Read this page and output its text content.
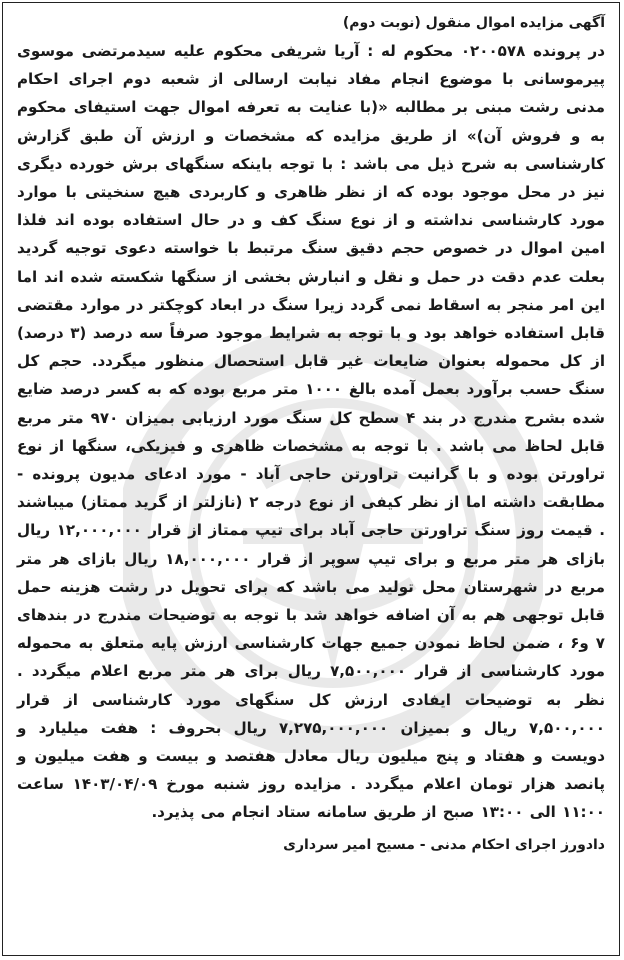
آگهی مزایده اموال منقول (نوبت دوم)

در پرونده ۰۲۰۰۵۷۸ محکوم له : آریا شریفی محکوم علیه سیدمرتضی موسوی پیرموسانی با موضوع انجام مفاد نیابت ارسالی از شعبه دوم اجرای احکام مدنی رشت مبنی بر مطالبه «(با عنایت به تعرفه اموال جهت استیفای محکوم به و فروش آن)» از طریق مزایده که مشخصات و ارزش آن طبق گزارش کارشناسی به شرح ذیل می باشد : با توجه باینکه سنگهای برش خورده دیگری نیز در محل موجود بوده که از نظر ظاهری و کاربردی هیچ سنخیتی با موارد مورد کارشناسی نداشته و از نوع سنگ کف و در حال استفاده بوده اند فلذا امین اموال در خصوص حجم دقیق سنگ مرتبط با خواسته دعوی توجیه گردید بعلت عدم دقت در حمل و نقل و انبارش بخشی از سنگها شکسته شده اند اما این امر منجر به اسقاط نمی گردد زیرا سنگ در ابعاد کوچکتر در موارد مقتضی قابل استفاده خواهد بود و با توجه به شرایط موجود صرفاً سه درصد (۳ درصد) از کل محموله بعنوان ضایعات غیر قابل استحصال منظور میگردد. حجم کل سنگ حسب برآورد بعمل آمده بالغ ۱۰۰۰ متر مربع بوده که به کسر درصد ضایع شده بشرح مندرج در بند ۴ سطح کل سنگ مورد ارزیابی بمیزان ۹۷۰ متر مربع قابل لحاظ می باشد . با توجه به مشخصات ظاهری و فیزیکی، سنگها از نوع تراورتن بوده و با گرانیت تراورتن حاجی آباد - مورد ادعای مدیون پرونده - مطابقت داشته اما از نظر کیفی از نوع درجه ۲ (نازلتر از گرید ممتاز) میباشند . قیمت روز سنگ تراورتن حاجی آباد برای تیپ ممتاز از قرار ۱۲,۰۰۰,۰۰۰ ریال بازای هر متر مربع و برای تیپ سوپر از قرار ۱۸,۰۰۰,۰۰۰ ریال بازای هر متر مربع در شهرستان محل تولید می باشد که برای تحویل در رشت هزینه حمل قابل توجهی هم به آن اضافه خواهد شد با توجه به توضیحات مندرج در بندهای ۷ و۶ ، ضمن لحاظ نمودن جمیع جهات کارشناسی ارزش پایه متعلق به محموله مورد کارشناسی از قرار ۷,۵۰۰,۰۰۰ ریال برای هر متر مربع اعلام میگردد . نظر به توضیحات ایفادی ارزش کل سنگهای مورد کارشناسی از قرار ۷,۵۰۰,۰۰۰ ریال و بمیزان ۷,۲۷۵,۰۰۰,۰۰۰ ریال بحروف : هفت میلیارد و دویست و هفتاد و پنج میلیون ریال معادل هفتصد و بیست و هفت میلیون و پانصد هزار تومان اعلام میگردد . مزایده روز شنبه مورخ ۱۴۰۳/۰۴/۰۹ ساعت ۱۱:۰۰ الی ۱۳:۰۰ صبح از طریق سامانه ستاد انجام می پذیرد.

دادورز اجرای احکام مدنی - مسیح امیر سرداری
